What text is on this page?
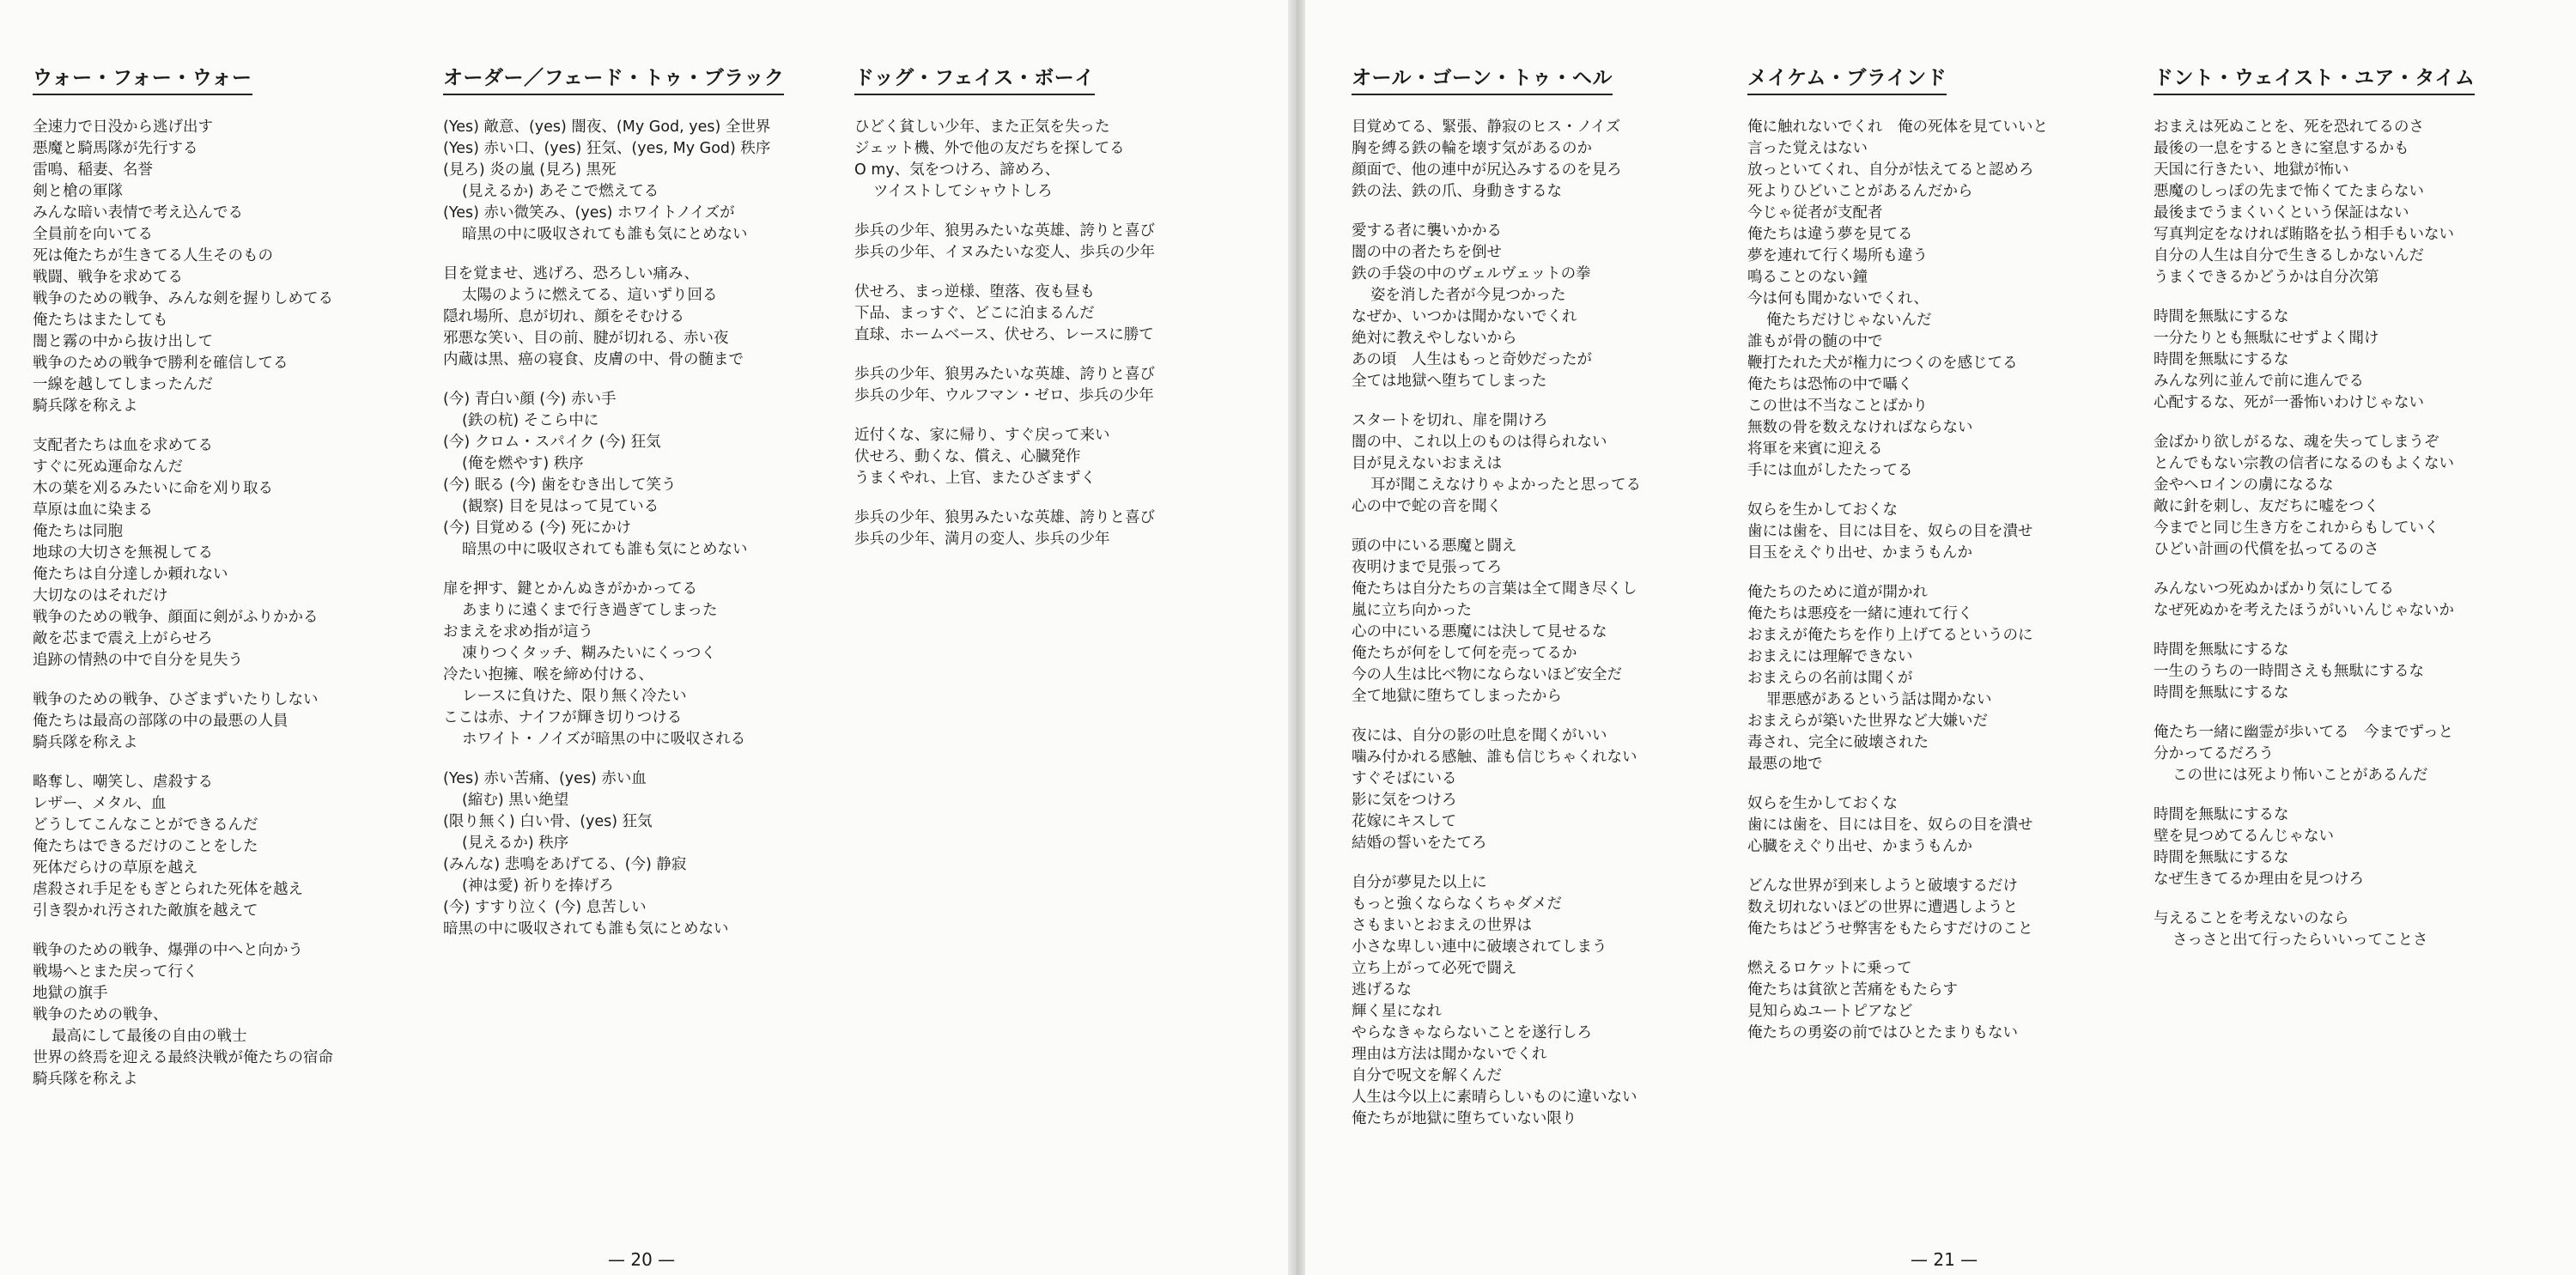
ウォー・フォー・ウォー
全速力で日没から逃げ出す
悪魔と騎馬隊が先行する
雷鳴、稲妻、名誉
剣と槍の軍隊
みんな暗い表情で考え込んでる
全員前を向いてる
死は俺たちが生きてる人生そのもの
戦闘、戦争を求めてる
戦争のための戦争、みんな剣を握りしめてる
俺たちはまたしても
闇と霧の中から抜け出して
戦争のための戦争で勝利を確信してる
一線を越してしまったんだ
騎兵隊を称えよ
支配者たちは血を求めてる
すぐに死ぬ運命なんだ
木の葉を刈るみたいに命を刈り取る
草原は血に染まる
俺たちは同胞
地球の大切さを無視してる
俺たちは自分達しか頼れない
大切なのはそれだけ
戦争のための戦争、顔面に剣がふりかかる
敵を芯まで震え上がらせろ
追跡の情熱の中で自分を見失う
戦争のための戦争、ひざまずいたりしない
俺たちは最高の部隊の中の最悪の人員
騎兵隊を称えよ
略奪し、嘲笑し、虐殺する
レザー、メタル、血
どうしてこんなことができるんだ
俺たちはできるだけのことをした
死体だらけの草原を越え
虐殺され手足をもぎとられた死体を越え
引き裂かれ汚された敵旗を越えて
戦争のための戦争、爆弾の中へと向かう
戦場へとまた戻って行く
地獄の旗手
戦争のための戦争、
最高にして最後の自由の戦士
世界の終焉を迎える最終決戦が俺たちの宿命
騎兵隊を称えよ
オーダー／フェード・トゥ・ブラック
(Yes) 敵意、(yes) 闇夜、(My God, yes) 全世界
(Yes) 赤い口、(yes) 狂気、(yes, My God) 秩序
(見ろ) 炎の嵐 (見ろ) 黒死
(見えるか) あそこで燃えてる
(Yes) 赤い微笑み、(yes) ホワイトノイズが
暗黒の中に吸収されても誰も気にとめない
目を覚ませ、逃げろ、恐ろしい痛み、
太陽のように燃えてる、這いずり回る
隠れ場所、息が切れ、顔をそむける
邪悪な笑い、目の前、腱が切れる、赤い夜
内蔵は黒、癌の寝食、皮膚の中、骨の髄まで
(今) 青白い顔 (今) 赤い手
(鉄の杭) そこら中に
(今) クロム・スパイク (今) 狂気
(俺を燃やす) 秩序
(今) 眠る (今) 歯をむき出して笑う
(観察) 目を見はって見ている
(今) 目覚める (今) 死にかけ
暗黒の中に吸収されても誰も気にとめない
扉を押す、鍵とかんぬきがかかってる
あまりに遠くまで行き過ぎてしまった
おまえを求め指が這う
凍りつくタッチ、糊みたいにくっつく
冷たい抱擁、喉を締め付ける、
レースに負けた、限り無く冷たい
ここは赤、ナイフが輝き切りつける
ホワイト・ノイズが暗黒の中に吸収される
(Yes) 赤い苦痛、(yes) 赤い血
(縮む) 黒い絶望
(限り無く) 白い骨、(yes) 狂気
(見えるか) 秩序
(みんな) 悲鳴をあげてる、(今) 静寂
(神は愛) 祈りを捧げろ
(今) すすり泣く (今) 息苦しい
暗黒の中に吸収されても誰も気にとめない
ドッグ・フェイス・ボーイ
ひどく貧しい少年、また正気を失った
ジェット機、外で他の友だちを探してる
O my、気をつけろ、諦めろ、
ツイストしてシャウトしろ
歩兵の少年、狼男みたいな英雄、誇りと喜び
歩兵の少年、イヌみたいな変人、歩兵の少年
伏せろ、まっ逆様、堕落、夜も昼も
下品、まっすぐ、どこに泊まるんだ
直球、ホームベース、伏せろ、レースに勝て
歩兵の少年、狼男みたいな英雄、誇りと喜び
歩兵の少年、ウルフマン・ゼロ、歩兵の少年
近付くな、家に帰り、すぐ戻って来い
伏せろ、動くな、償え、心臓発作
うまくやれ、上官、またひざまずく
歩兵の少年、狼男みたいな英雄、誇りと喜び
歩兵の少年、満月の変人、歩兵の少年
— 20 —
オール・ゴーン・トゥ・ヘル
目覚めてる、緊張、静寂のヒス・ノイズ
胸を縛る鉄の輪を壊す気があるのか
顔面で、他の連中が尻込みするのを見ろ
鉄の法、鉄の爪、身動きするな
愛する者に襲いかかる
闇の中の者たちを倒せ
鉄の手袋の中のヴェルヴェットの拳
姿を消した者が今見つかった
なぜか、いつかは聞かないでくれ
絶対に教えやしないから
あの頃　人生はもっと奇妙だったが
全ては地獄へ堕ちてしまった
スタートを切れ、扉を開けろ
闇の中、これ以上のものは得られない
目が見えないおまえは
耳が聞こえなけりゃよかったと思ってる
心の中で蛇の音を聞く
頭の中にいる悪魔と闘え
夜明けまで見張ってろ
俺たちは自分たちの言葉は全て聞き尽くし
嵐に立ち向かった
心の中にいる悪魔には決して見せるな
俺たちが何をして何を売ってるか
今の人生は比べ物にならないほど安全だ
全て地獄に堕ちてしまったから
夜には、自分の影の吐息を聞くがいい
噛み付かれる感触、誰も信じちゃくれない
すぐそばにいる
影に気をつけろ
花嫁にキスして
結婚の誓いをたてろ
自分が夢見た以上に
もっと強くならなくちゃダメだ
さもまいとおまえの世界は
小さな卑しい連中に破壊されてしまう
立ち上がって必死で闘え
逃げるな
輝く星になれ
やらなきゃならないことを遂行しろ
理由は方法は聞かないでくれ
自分で呪文を解くんだ
人生は今以上に素晴らしいものに違いない
俺たちが地獄に堕ちていない限り
メイケム・ブラインド
俺に触れないでくれ　俺の死体を見ていいと
言った覚えはない
放っといてくれ、自分が怯えてると認めろ
死よりひどいことがあるんだから
今じゃ従者が支配者
俺たちは違う夢を見てる
夢を連れて行く場所も違う
鳴ることのない鐘
今は何も聞かないでくれ、
俺たちだけじゃないんだ
誰もが骨の髄の中で
鞭打たれた犬が権力につくのを感じてる
俺たちは恐怖の中で囁く
この世は不当なことばかり
無数の骨を数えなければならない
将軍を来賓に迎える
手には血がしたたってる
奴らを生かしておくな
歯には歯を、目には目を、奴らの目を潰せ
目玉をえぐり出せ、かまうもんか
俺たちのために道が開かれ
俺たちは悪疫を一緒に連れて行く
おまえが俺たちを作り上げてるというのに
おまえには理解できない
おまえらの名前は聞くが
罪悪感があるという話は聞かない
おまえらが築いた世界など大嫌いだ
毒され、完全に破壊された
最悪の地で
奴らを生かしておくな
歯には歯を、目には目を、奴らの目を潰せ
心臓をえぐり出せ、かまうもんか
どんな世界が到来しようと破壊するだけ
数え切れないほどの世界に遭遇しようと
俺たちはどうせ弊害をもたらすだけのこと
燃えるロケットに乗って
俺たちは貧欲と苦痛をもたらす
見知らぬユートピアなど
俺たちの勇姿の前ではひとたまりもない
ドント・ウェイスト・ユア・タイム
おまえは死ぬことを、死を恐れてるのさ
最後の一息をするときに窒息するかも
天国に行きたい、地獄が怖い
悪魔のしっぽの先まで怖くてたまらない
最後までうまくいくという保証はない
写真判定をなければ賄賂を払う相手もいない
自分の人生は自分で生きるしかないんだ
うまくできるかどうかは自分次第
時間を無駄にするな
一分たりとも無駄にせずよく聞け
時間を無駄にするな
みんな列に並んで前に進んでる
心配するな、死が一番怖いわけじゃない
金ばかり欲しがるな、魂を失ってしまうぞ
とんでもない宗教の信者になるのもよくない
金やヘロインの虜になるな
敵に針を刺し、友だちに嘘をつく
今までと同じ生き方をこれからもしていく
ひどい計画の代償を払ってるのさ
みんないつ死ぬかばかり気にしてる
なぜ死ぬかを考えたほうがいいんじゃないか
時間を無駄にするな
一生のうちの一時間さえも無駄にするな
時間を無駄にするな
俺たち一緒に幽霊が歩いてる　今までずっと
分かってるだろう
この世には死より怖いことがあるんだ
時間を無駄にするな
壁を見つめてるんじゃない
時間を無駄にするな
なぜ生きてるか理由を見つけろ
与えることを考えないのなら
さっさと出て行ったらいいってことさ
— 21 —
